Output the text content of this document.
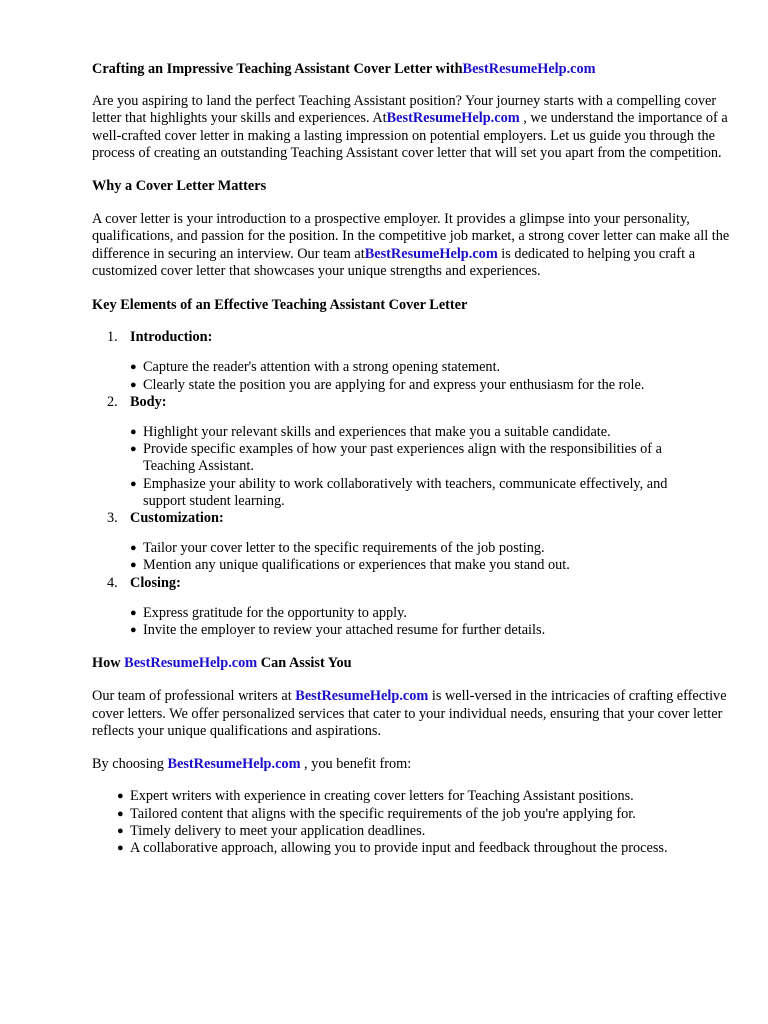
Crafting an Impressive Teaching Assistant Cover Letter withBestResumeHelp.com

Are you aspiring to land the perfect Teaching Assistant position? Your journey starts with a compelling cover letter that highlights your skills and experiences. AtBestResumeHelp.com , we understand the importance of a well-crafted cover letter in making a lasting impression on potential employers. Let us guide you through the process of creating an outstanding Teaching Assistant cover letter that will set you apart from the competition.

Why a Cover Letter Matters

A cover letter is your introduction to a prospective employer. It provides a glimpse into your personality, qualifications, and passion for the position. In the competitive job market, a strong cover letter can make all the difference in securing an interview. Our team atBestResumeHelp.com is dedicated to helping you craft a customized cover letter that showcases your unique strengths and experiences.

Key Elements of an Effective Teaching Assistant Cover Letter
1. Introduction:
● Capture the reader's attention with a strong opening statement.
● Clearly state the position you are applying for and express your enthusiasm for the role.
2. Body:
● Highlight your relevant skills and experiences that make you a suitable candidate.
● Provide specific examples of how your past experiences align with the responsibilities of a Teaching Assistant.
● Emphasize your ability to work collaboratively with teachers, communicate effectively, and support student learning.
3. Customization:
● Tailor your cover letter to the specific requirements of the job posting.
● Mention any unique qualifications or experiences that make you stand out.
4. Closing:
● Express gratitude for the opportunity to apply.
● Invite the employer to review your attached resume for further details.
How BestResumeHelp.com Can Assist You

Our team of professional writers at BestResumeHelp.com is well-versed in the intricacies of crafting effective cover letters. We offer personalized services that cater to your individual needs, ensuring that your cover letter reflects your unique qualifications and aspirations.

By choosing BestResumeHelp.com , you benefit from:

● Expert writers with experience in creating cover letters for Teaching Assistant positions.
● Tailored content that aligns with the specific requirements of the job you're applying for.
● Timely delivery to meet your application deadlines.
● A collaborative approach, allowing you to provide input and feedback throughout the process.
